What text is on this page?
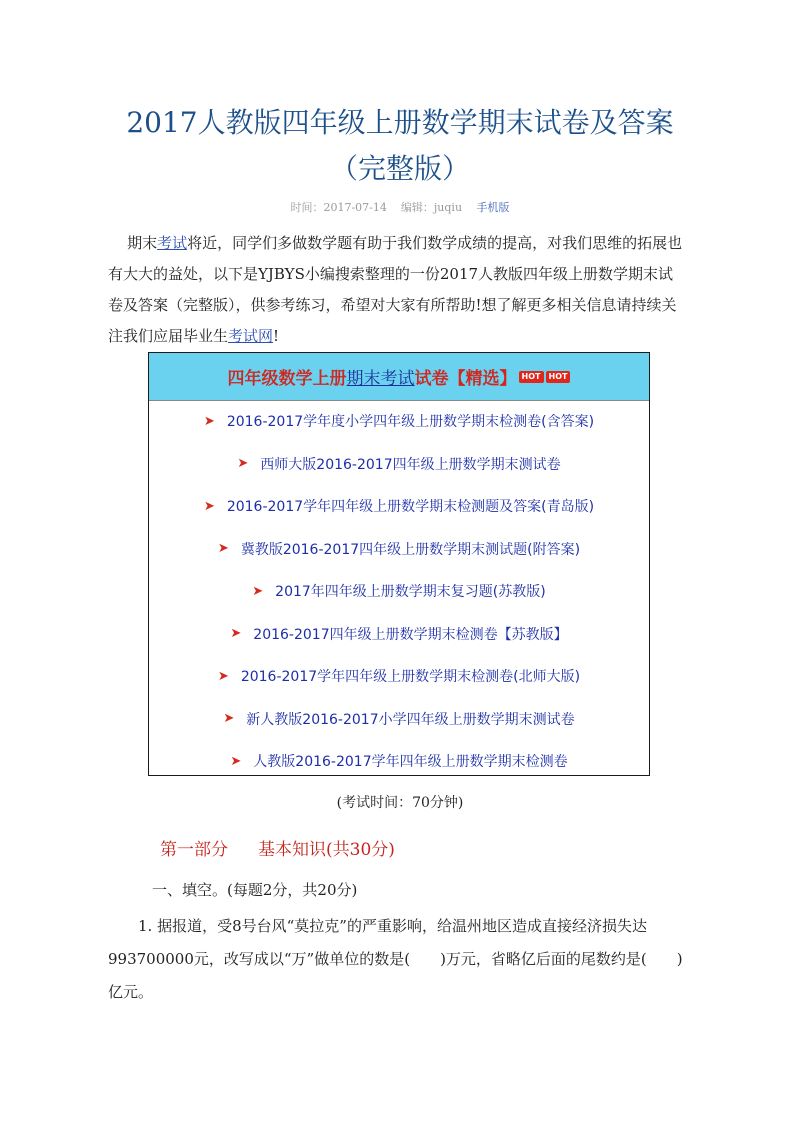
2017人教版四年级上册数学期末试卷及答案（完整版）
时间：2017-07-14 编辑：juqiu 手机版
期末考试将近，同学们多做数学题有助于我们数学成绩的提高，对我们思维的拓展也有大大的益处，以下是YJBYS小编搜索整理的一份2017人教版四年级上册数学期末试卷及答案（完整版），供参考练习，希望对大家有所帮助!想了解更多相关信息请持续关注我们应届毕业生考试网!
四年级数学上册 期末考试 试卷【精选】 HOT	HOT
➤ 2016-2017学年度小学四年级上册数学期末检测卷(含答案)
➤ 西师大版2016-2017四年级上册数学期末测试卷
➤ 2016-2017学年四年级上册数学期末检测题及答案(青岛版)
➤ 冀教版2016-2017四年级上册数学期末测试题(附答案)
➤ 2017年四年级上册数学期末复习题(苏教版)
➤ 2016-2017四年级上册数学期末检测卷【苏教版】
➤ 2016-2017学年四年级上册数学期末检测卷(北师大版)
➤ 新人教版2016-2017小学四年级上册数学期末测试卷
➤ 人教版2016-2017学年四年级上册数学期末检测卷
(考试时间：70分钟)
第一部分 基本知识(共30分)
一、填空。(每题2分，共20分)
1. 据报道，受8号台风“莫拉克”的严重影响，给温州地区造成直接经济损失达993700000元，改写成以“万”做单位的数是(　　)万元，省略亿后面的尾数约是(　　)亿元。
